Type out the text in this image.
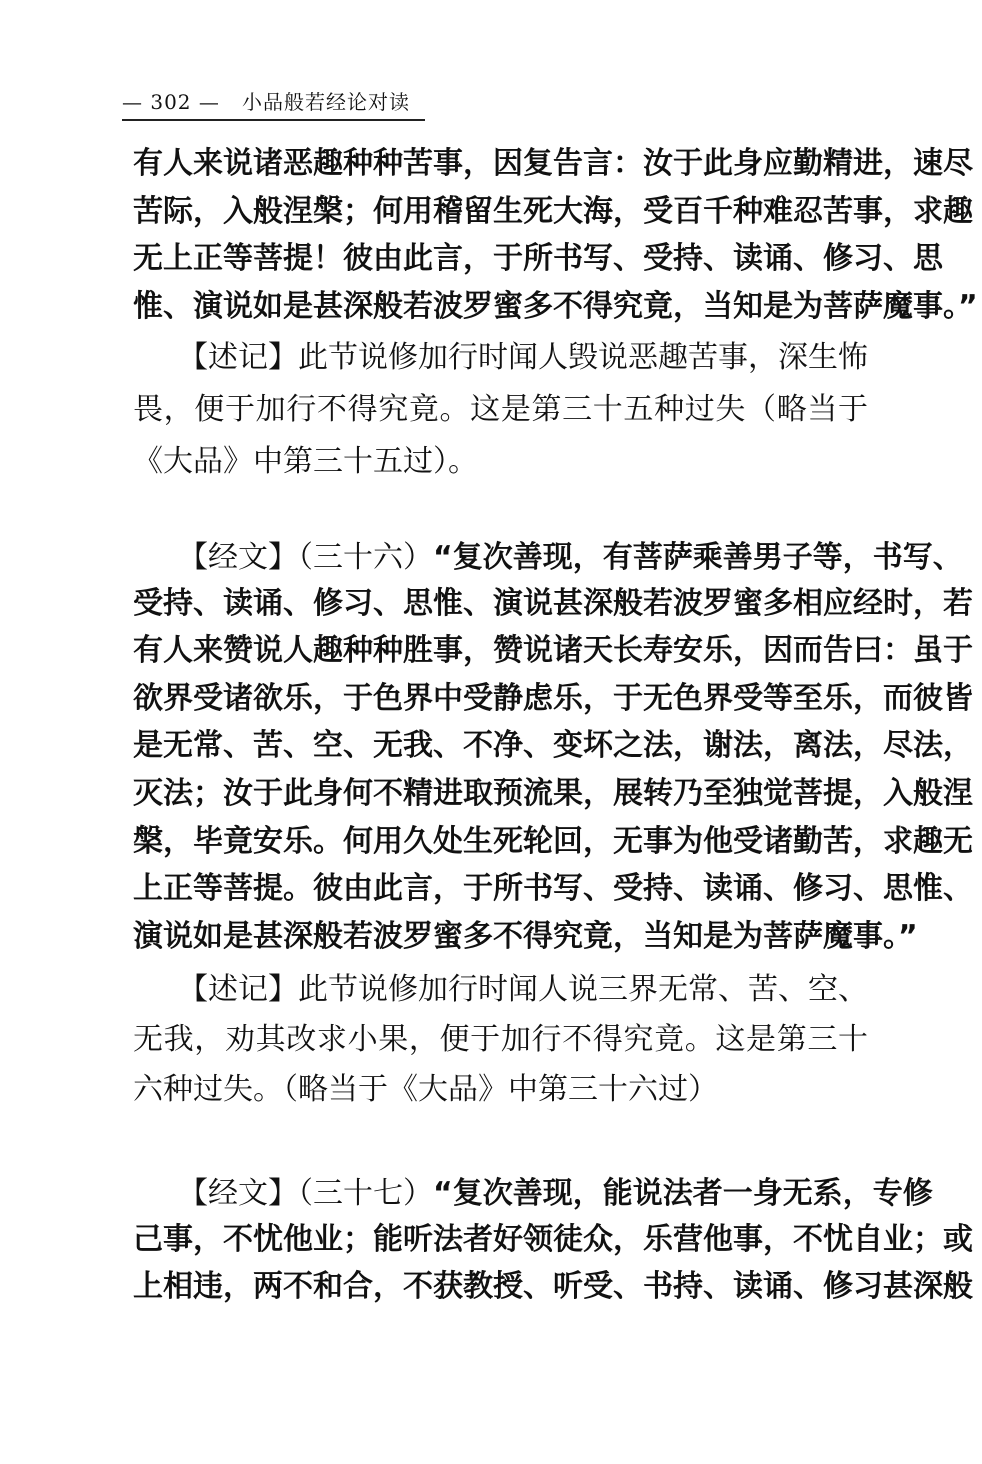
— 302 — 小品般若经论对读
有人来说诸恶趣种种苦事，因复告言：汝于此身应勤精进，速尽
苦际，入般涅槃；何用稽留生死大海，受百千种难忍苦事，求趣
无上正等菩提！彼由此言，于所书写、受持、读诵、修习、思
惟、演说如是甚深般若波罗蜜多不得究竟，当知是为菩萨魔事。”
【述记】此节说修加行时闻人毁说恶趣苦事，深生怖
畏，便于加行不得究竟。这是第三十五种过失（略当于
《大品》中第三十五过）。
【经文】（三十六）“复次善现，有菩萨乘善男子等，书写、
受持、读诵、修习、思惟、演说甚深般若波罗蜜多相应经时，若
有人来赞说人趣种种胜事，赞说诸天长寿安乐，因而告曰：虽于
欲界受诸欲乐，于色界中受静虑乐，于无色界受等至乐，而彼皆
是无常、苦、空、无我、不净、变坏之法，谢法，离法，尽法，
灭法；汝于此身何不精进取预流果，展转乃至独觉菩提，入般涅
槃，毕竟安乐。何用久处生死轮回，无事为他受诸勤苦，求趣无
上正等菩提。彼由此言，于所书写、受持、读诵、修习、思惟、
演说如是甚深般若波罗蜜多不得究竟，当知是为菩萨魔事。”
【述记】此节说修加行时闻人说三界无常、苦、空、
无我，劝其改求小果，便于加行不得究竟。这是第三十
六种过失。（略当于《大品》中第三十六过）
【经文】（三十七）“复次善现，能说法者一身无系，专修
己事，不忧他业；能听法者好领徒众，乐营他事，不忧自业；或
上相违，两不和合，不获教授、听受、书持、读诵、修习甚深般
